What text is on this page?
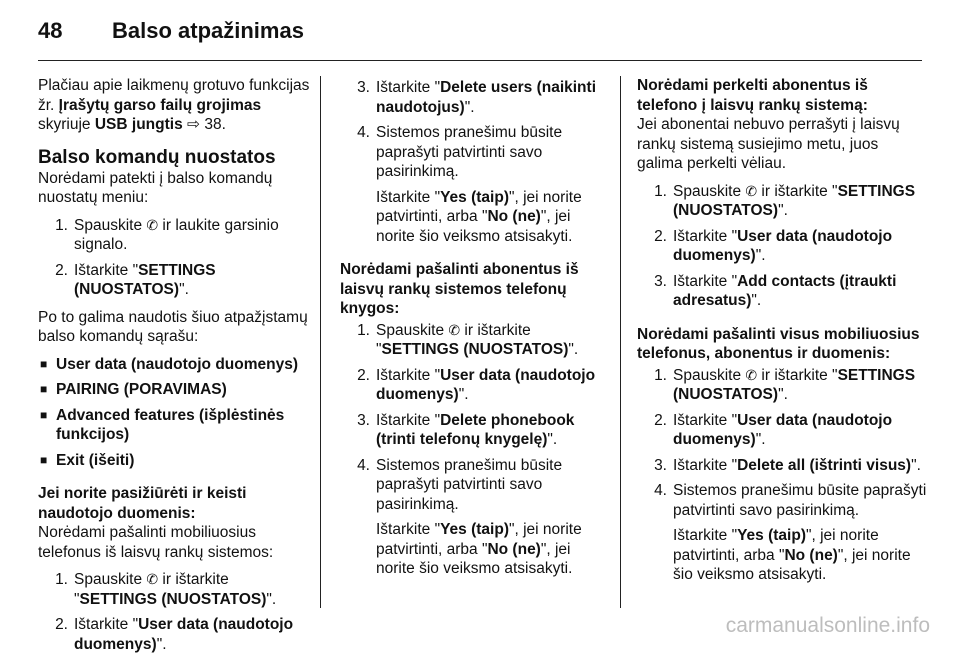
48 Balso atpažinimas

Plačiau apie laikmenų grotuvo funkcijas žr. Įrašytų garso failų grojimas skyriuje USB jungtis ⇨ 38.

Balso komandų nuostatos

Norėdami patekti į balso komandų nuostatų meniu:

1. Spauskite ✆ ir laukite garsinio signalo.
2. Ištarkite "SETTINGS (NUOSTATOS)".

Po to galima naudotis šiuo atpažįstamų balso komandų sąrašu:

■ User data (naudotojo duomenys)
■ PAIRING (PORAVIMAS)
■ Advanced features (išplėstinės funkcijos)
■ Exit (išeiti)
Jei norite pasižiūrėti ir keisti naudotojo duomenis:

Norėdami pašalinti mobiliuosius telefonus iš laisvų rankų sistemos:

1. Spauskite ✆ ir ištarkite "SETTINGS (NUOSTATOS)".
2. Ištarkite "User data (naudotojo duomenys)".
3. Ištarkite "Delete users (naikinti naudotojus)".
4. Sistemos pranešimu būsite paprašyti patvirtinti savo pasirinkimą.
Ištarkite "Yes (taip)", jei norite patvirtinti, arba "No (ne)", jei norite šio veiksmo atsisakyti.
Norėdami pašalinti abonentus iš laisvų rankų sistemos telefonų knygos:
1. Spauskite ✆ ir ištarkite "SETTINGS (NUOSTATOS)".
2. Ištarkite "User data (naudotojo duomenys)".
3. Ištarkite "Delete phonebook (trinti telefonų knygelę)".
4. Sistemos pranešimu būsite paprašyti patvirtinti savo pasirinkimą.
Ištarkite "Yes (taip)", jei norite patvirtinti, arba "No (ne)", jei norite šio veiksmo atsisakyti.
Norėdami perkelti abonentus iš telefono į laisvų rankų sistemą:

Jei abonentai nebuvo perrašyti į laisvų rankų sistemą susiejimo metu, juos galima perkelti vėliau.

1. Spauskite ✆ ir ištarkite "SETTINGS (NUOSTATOS)".
2. Ištarkite "User data (naudotojo duomenys)".
3. Ištarkite "Add contacts (įtraukti adresatus)".
Norėdami pašalinti visus mobiliuosius telefonus, abonentus ir duomenis:
1. Spauskite ✆ ir ištarkite "SETTINGS (NUOSTATOS)".
2. Ištarkite "User data (naudotojo duomenys)".
3. Ištarkite "Delete all (ištrinti visus)".
4. Sistemos pranešimu būsite paprašyti patvirtinti savo pasirinkimą.
Ištarkite "Yes (taip)", jei norite patvirtinti, arba "No (ne)", jei norite šio veiksmo atsisakyti.
carmanualsonline.info
